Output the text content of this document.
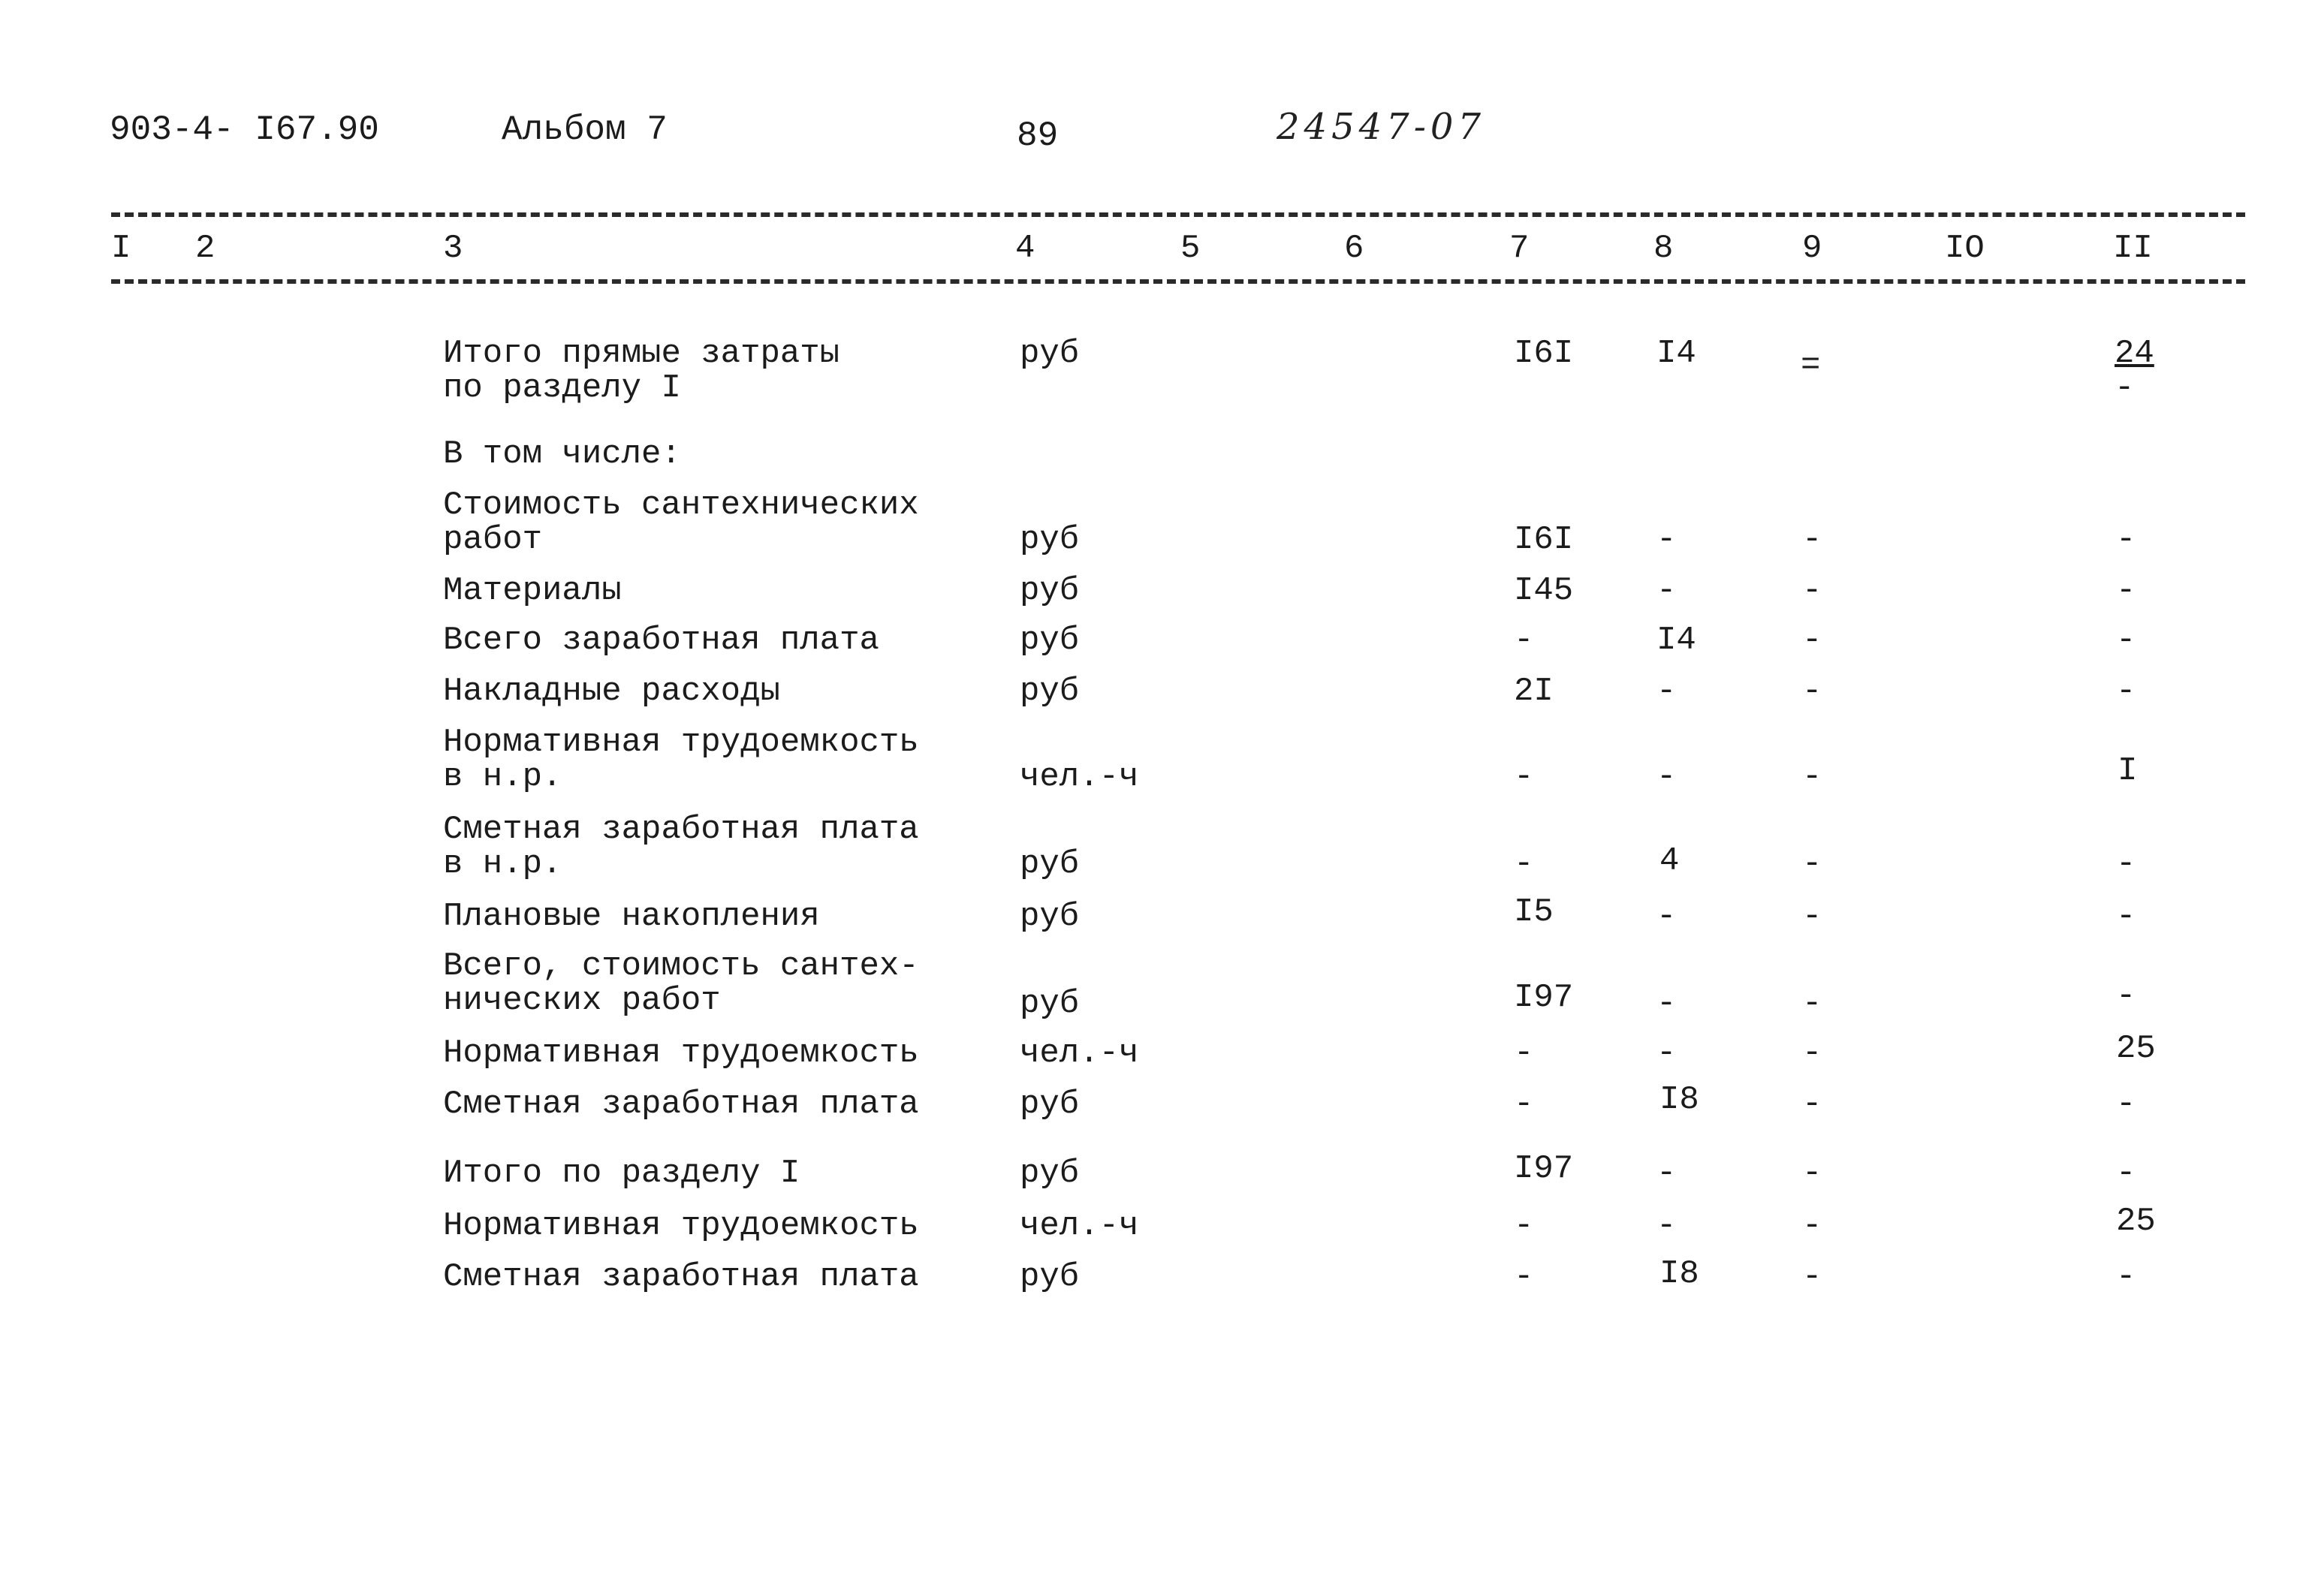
903-4- I67.90	Альбом 7	89	24547-07
I 2	3	4	5	6	7	8	9	IO	II
Итого прямые затраты
по разделу I
руб	I6I	I4	=	24
-
В том числе:
Стоимость сантехнических
работ	руб	I6I	-	-	-
Материалы	руб	I45	-	-	-
Всего заработная плата	руб	-	I4	-	-
Накладные расходы	руб	2I	-	-	-
Нормативная трудоемкость
в н.р.	чел.-ч	-	-	-	I
Сметная заработная плата
в н.р.	руб	-	4	-	-
Плановые накопления	руб	I5	-	-	-
Всего, стоимость сантех-
нических работ	руб	I97	-	-	-
Нормативная трудоемкость	чел.-ч	-	-	-	25
Сметная заработная плата	руб	-	I8	-	-
Итого по разделу I	руб	I97	-	-	-
Нормативная трудоемкость	чел.-ч	-	-	-	25
Сметная заработная плата	руб	-	I8	-	-
